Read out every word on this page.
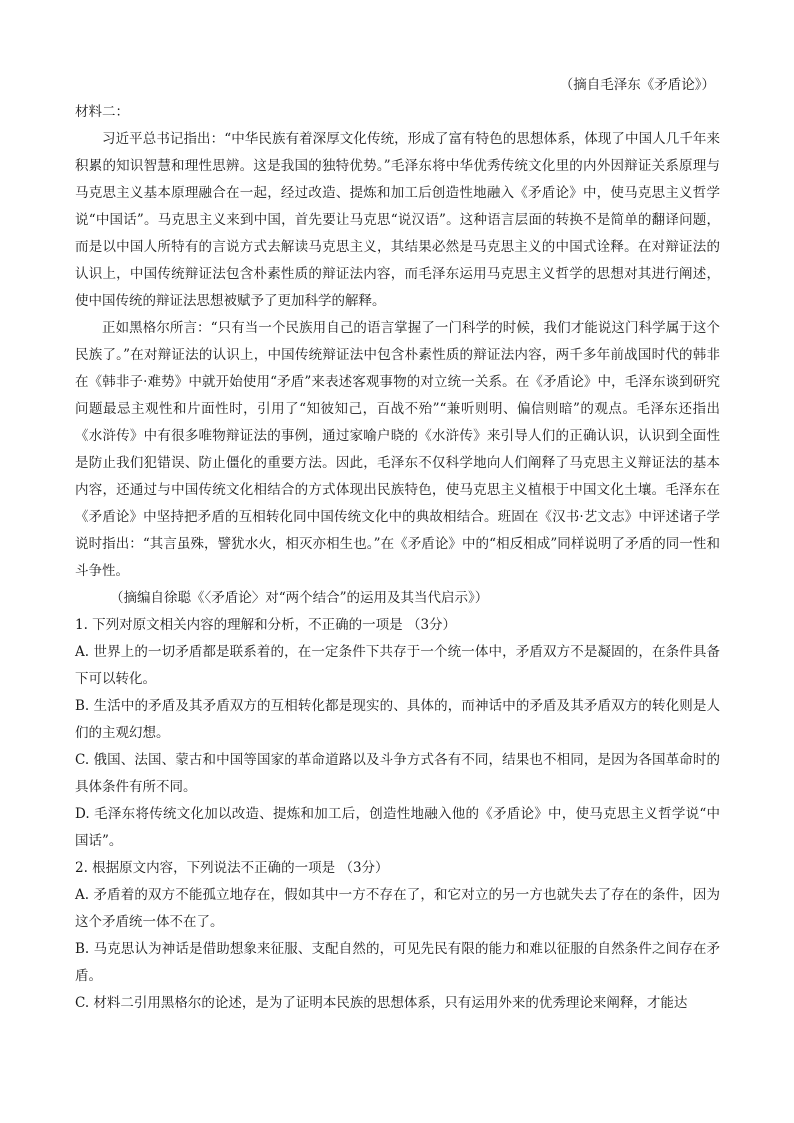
（摘自毛泽东《矛盾论》）

材料二：

习近平总书记指出：“中华民族有着深厚文化传统，形成了富有特色的思想体系，体现了中国人几千年来积累的知识智慧和理性思辨。这是我国的独特优势。”毛泽东将中华优秀传统文化里的内外因辩证关系原理与马克思主义基本原理融合在一起，经过改造、提炼和加工后创造性地融入《矛盾论》中，使马克思主义哲学说“中国话”。马克思主义来到中国，首先要让马克思“说汉语”。这种语言层面的转换不是简单的翻译问题，而是以中国人所特有的言说方式去解读马克思主义，其结果必然是马克思主义的中国式诠释。在对辩证法的认识上，中国传统辩证法包含朴素性质的辩证法内容，而毛泽东运用马克思主义哲学的思想对其进行阐述，使中国传统的辩证法思想被赋予了更加科学的解释。

正如黑格尔所言：“只有当一个民族用自己的语言掌握了一门科学的时候，我们才能说这门科学属于这个民族了。”在对辩证法的认识上，中国传统辩证法中包含朴素性质的辩证法内容，两千多年前战国时代的韩非在《韩非子·难势》中就开始使用“矛盾”来表述客观事物的对立统一关系。在《矛盾论》中，毛泽东谈到研究问题最忌主观性和片面性时，引用了“知彼知己，百战不殆”“兼听则明、偏信则暗”的观点。毛泽东还指出《水浒传》中有很多唯物辩证法的事例，通过家喻户晓的《水浒传》来引导人们的正确认识，认识到全面性是防止我们犯错误、防止僵化的重要方法。因此，毛泽东不仅科学地向人们阐释了马克思主义辩证法的基本内容，还通过与中国传统文化相结合的方式体现出民族特色，使马克思主义植根于中国文化土壤。毛泽东在《矛盾论》中坚持把矛盾的互相转化同中国传统文化中的典故相结合。班固在《汉书·艺文志》中评述诸子学说时指出：“其言虽殊，譬犹水火，相灭亦相生也。”在《矛盾论》中的“相反相成”同样说明了矛盾的同一性和斗争性。

（摘编自徐聪《〈矛盾论〉对“两个结合”的运用及其当代启示》）

1. 下列对原文相关内容的理解和分析，不正确的一项是 （3分）

A. 世界上的一切矛盾都是联系着的，在一定条件下共存于一个统一体中，矛盾双方不是凝固的，在条件具备下可以转化。

B. 生活中的矛盾及其矛盾双方的互相转化都是现实的、具体的，而神话中的矛盾及其矛盾双方的转化则是人们的主观幻想。

C. 俄国、法国、蒙古和中国等国家的革命道路以及斗争方式各有不同，结果也不相同，是因为各国革命时的具体条件有所不同。

D. 毛泽东将传统文化加以改造、提炼和加工后，创造性地融入他的《矛盾论》中，使马克思主义哲学说“中国话”。

2. 根据原文内容，下列说法不正确的一项是 （3分）

A. 矛盾着的双方不能孤立地存在，假如其中一方不存在了，和它对立的另一方也就失去了存在的条件，因为这个矛盾统一体不在了。

B. 马克思认为神话是借助想象来征服、支配自然的，可见先民有限的能力和难以征服的自然条件之间存在矛盾。

C. 材料二引用黑格尔的论述，是为了证明本民族的思想体系，只有运用外来的优秀理论来阐释，才能达
